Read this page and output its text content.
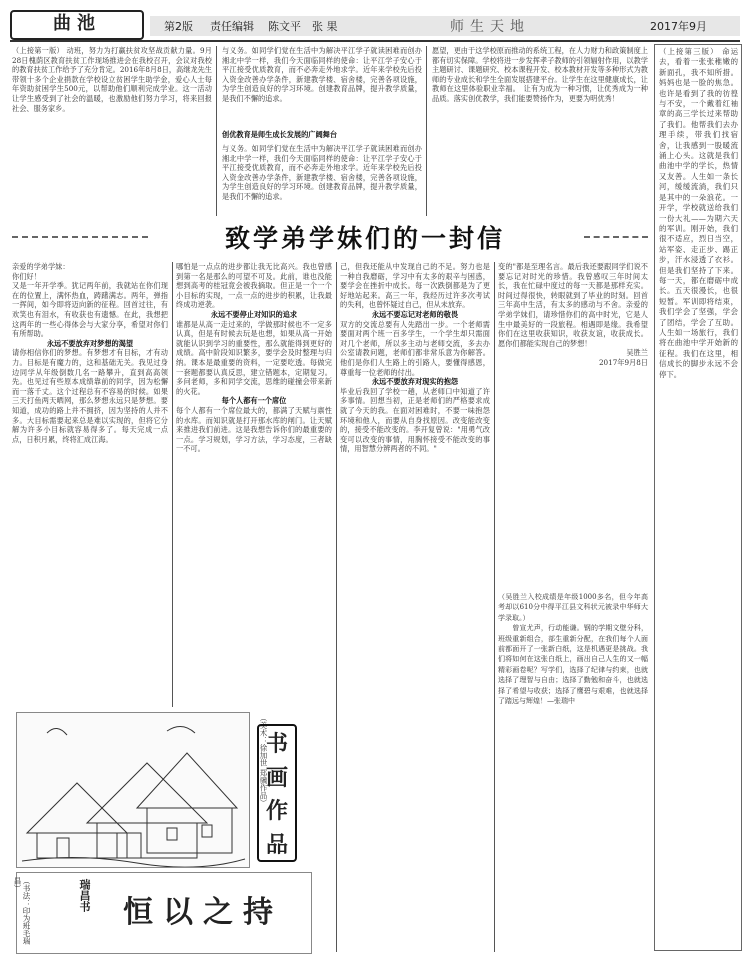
曲池	第2版 责任编辑 陈文平　张 果	师生天地	2017年9月
（上接第一版） 动班，努力为打赢扶贫攻坚战贡献力量。9月28日槐荫区教育扶贫工作现场推进会在我校召开，会议对我校的教育扶贫工作给予了充分肯定。2016年8月8日，高继龙先生带领十多个企业捐款在学校设立贫困学生助学金，爱心人士每年资助贫困学生500元，以帮助他们顺利完成学业。这一活动让学生感受到了社会的温暖，也激励他们努力学习，将来回报社会、服务家乡。
与义务。如同学们觉在生活中为解决平江学子就读困难而创办湘北中学一样，我们今天面临同样的使命：让平江学子安心于平江接受优质教育，而不必奔走外地求学。近年来学校先后投入资金改善办学条件，新建教学楼、宿舍楼，完善各项设施，为学生创造良好的学习环境。创建教育品牌，提升教学质量，是我们不懈的追求。
创优教育是师生成长发展的广阔舞台
与义务。如同学们觉在生活中为解决平江学子就读困难而创办湘北中学一样，我们今天面临同样的使命：让平江学子安心于平江接受优质教育，而不必奔走外地求学。近年来学校先后投入资金改善办学条件，新建教学楼、宿舍楼，完善各项设施，为学生创造良好的学习环境。创建教育品牌，提升教学质量，是我们不懈的追求。
愿望，更由于这学校原而推动的系统工程，在人力财力和政策制度上都有切实保障。学校将进一步发挥孝子教师的引领辐射作用，以教学主题研讨、课题研究、校本课程开发、校本教材开发等多种形式为教师的专业成长和学生全面发展搭建平台。让学生在这里健康成长，让教师在这里体验职业幸福。　让有为成为一种习惯，让优秀成为一种品质。落实创优教学，我们能要赞扬作为，更要为明优秀！
致学弟学妹们的一封信
亲爱的学弟学妹：
你们好！
又是一年开学季。犹记两年前，我就站在你们现在的位置上，满怀热血，踌躇满志。两年，弹指一挥间，如今即将迈向新的征程。回首过往，有欢笑也有泪水，有收获也有遗憾。在此，我想把这两年的一些心得体会与大家分享，希望对你们有所帮助。
永远不要放弃对梦想的渴望
请你相信你们的梦想。有梦想才有目标，才有动力。目标是有魔力的，这和基础无关。我见过身边同学从年级倒数几名一路攀升，直到高高领先。也见过有些原本成绩靠前的同学，因为松懈而一落千丈。这个过程总有不容易的时候。如果三天打鱼两天晒网，那么梦想永远只是梦想。要知道，成功的路上并不拥挤，因为坚持的人并不多。大目标需要起来总是难以实现的，但将它分解为许多小目标就容易得多了。每天完成一点点，日积月累，终将汇成江海。
哪怕是一点点的进步都让我无比高兴。我也曾感到第一名是那么的可望不可及。此前，谁也没能想到高考的桂冠竟会被我摘取。但正是一个一个小目标的实现，一点一点的进步的积累，让我最终成功逆袭。
永远不要停止对知识的追求
谁都是从高一走过来的，学做那时候也不一定多认真，但是有时候去玩是也想，如果从高一开始就能认识到学习的重要性，那么就能得到更好的成绩。高中阶段知识繁多，要学会及时整理与归纳。课本是最重要的资料，一定要吃透。每做完一套题都要认真反思，建立错题本，定期复习。多问老师，多和同学交流，思维的碰撞会带来新的火花。
每个人都有一个席位
每个人都有一个席位最大的，都满了天赋与禀性的水库。而知识就是打开那水库的闸门。让天赋来推进我们前进。这是我想告诉你们的最重要的一点。学习规划，学习方法，学习态度，三者缺一不可。
己，但我还能从中发现自己的不足。努力也是一种自我磨砺，学习中有太多的艰辛与困惑，要学会在挫折中成长。每一次跌倒都是为了更好地站起来。高三一年，我经历过许多次考试的失利，也曾怀疑过自己，但从未放弃。
永远不要忘记对老师的敬畏
双方的交流总要有人先踏出一步。一个老师需要面对两个班一百多学生，一个学生却只需面对几个老师，所以多主动与老师交流，多去办公室请教问题，老师们都非常乐意为你解答。他们是你们人生路上的引路人，要懂得感恩，尊重每一位老师的付出。
永远不要放弃对现实的抱怨
毕业后我回了学校一趟，从老师口中知道了许多事情。回想当初，正是老师们的严格要求成就了今天的我。在面对困难时，不要一味抱怨环境和他人，而要从自身找原因。改变能改变的，接受不能改变的。李开复曾说："用勇气改变可以改变的事情，用胸怀接受不能改变的事情，用智慧分辨两者的不同。"
变的"都是至理名言。最后我还要跟同学们说不要忘记对时光的珍惜。我曾感叹三年时间太长，我在忙碌中度过的每一天都是那样充实。时间过得很快，转眼就到了毕业的时刻。回首三年高中生活，有太多的感动与不舍。亲爱的学弟学妹们，请珍惜你们的高中时光，它是人生中最美好的一段旅程。相遇即是缘。我希望你们在这里收获知识，收获友谊，收获成长。愿你们都能实现自己的梦想！
吴胜兰
2017年9月8日
（吴胜兰入校成绩是年级1000多名，但今年高考却以610分中得平江县文科状元被录中华师大学录取。）
　　曾宣尤声，行动能谦。钢的学期文壁分科，班级重新组合，部生重新分配，在我们每个人面前都面开了一张新白纸，这是机遇更是挑战。我们将如何在这张白纸上，画出自己人生的又一幅精彩画卷呢？写学们，选择了纪律与约束，也就选择了理智与自由；选择了勤勉和奋斗，也就选择了希望与收获；选择了鹰碧与艰难，也就选择了踏远与辉煌！—张瑞中
（美术：徐加世 郑骥作品）
书
画
作
品
（书法：印为班毛瑞昌）	瑞昌书	恒以之持
（上接第三版） 命运去，看着一张张稚嫩的新面孔，我不知所措。妈妈也是一脸的焦急。也许是看到了我的彷徨与不安，一个戴着红袖章的高三学长过来帮助了我们。他帮我们去办理手续，带我们找宿舍，让我感到一股暖流涌上心头。这就是我们曲池中学的学长，热情又友善。人生如一条长河，缓缓流淌，我们只是其中的一朵浪花。一开学，学校就送给我们一份大礼——为期六天的军训。刚开始，我们很不适应，烈日当空，站军姿、走正步、踢正步，汗水浸透了衣衫。但是我们坚持了下来。每一天，都在磨砺中成长。五天很漫长，也很短暂。军训即将结束，我们学会了坚强，学会了团结，学会了互助。人生如一场旅行，我们将在曲池中学开始新的征程。我们在这里，相信成长的脚步永远不会停下。
